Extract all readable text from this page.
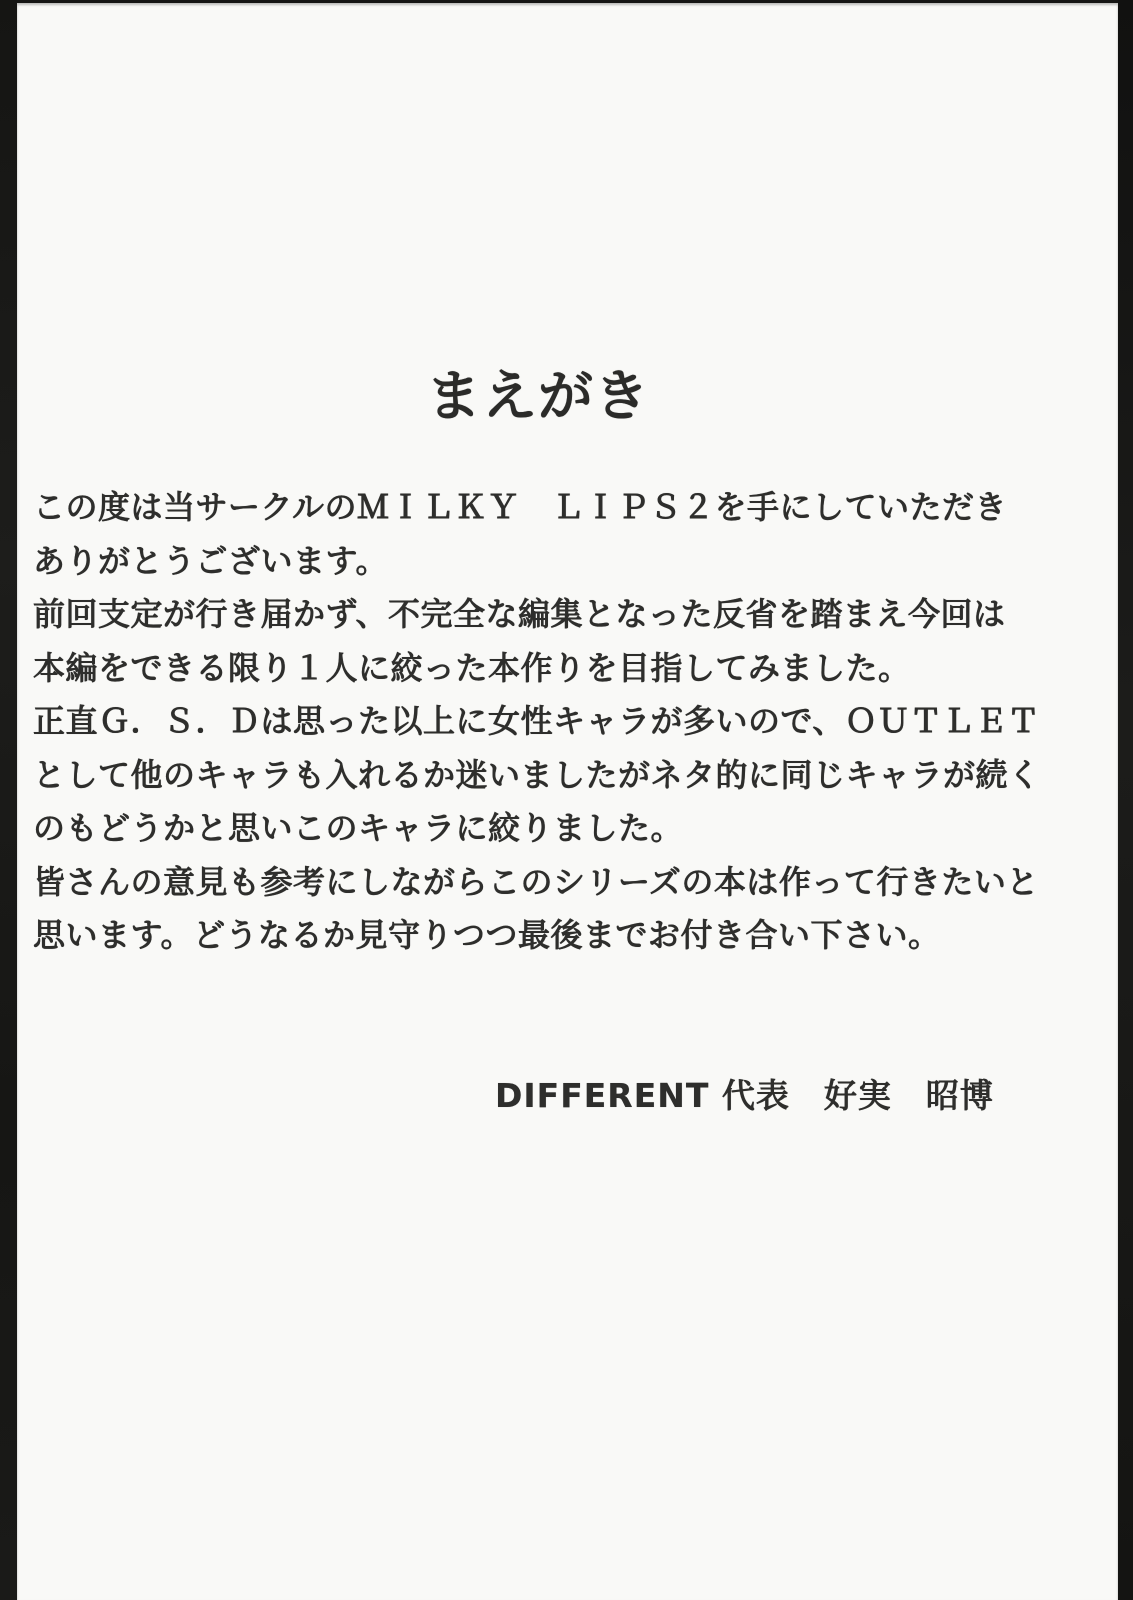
まえがき
この度は当サークルのＭＩＬＫＹ　ＬＩＰＳ２を手にしていただき
ありがとうございます。
前回支定が行き届かず、不完全な編集となった反省を踏まえ今回は
本編をできる限り１人に絞った本作りを目指してみました。
正直Ｇ．Ｓ．Ｄは思った以上に女性キャラが多いので、ＯＵＴＬＥＴ
として他のキャラも入れるか迷いましたがネタ的に同じキャラが続く
のもどうかと思いこのキャラに絞りました。
皆さんの意見も参考にしながらこのシリーズの本は作って行きたいと
思います。どうなるか見守りつつ最後までお付き合い下さい。
DIFFERENT 代表　好実　昭博
